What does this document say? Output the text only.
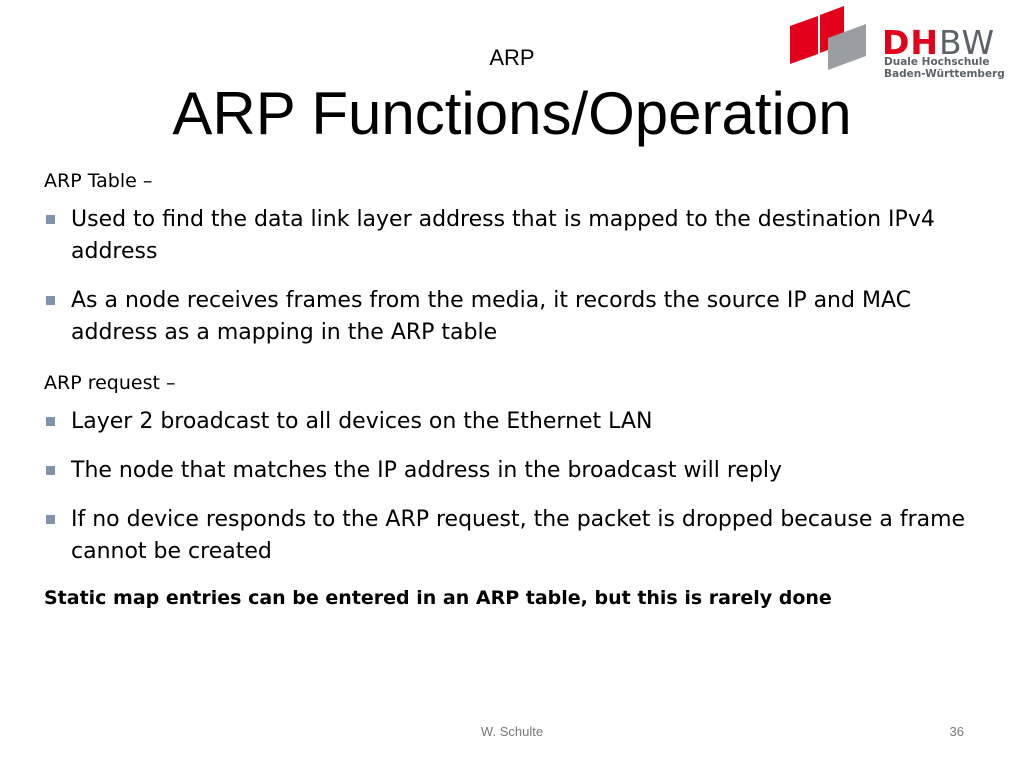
DHBW
Duale Hochschule
Baden-Württemberg
ARP
ARP Functions/Operation

ARP Table –

Used to find the data link layer address that is mapped to the destination IPv4 address
As a node receives frames from the media, it records the source IP and MAC address as a mapping in the ARP table

ARP request –

Layer 2 broadcast to all devices on the Ethernet LAN
The node that matches the IP address in the broadcast will reply
If no device responds to the ARP request, the packet is dropped because a frame cannot be created
Static map entries can be entered in an ARP table, but this is rarely done
W. Schulte	36
